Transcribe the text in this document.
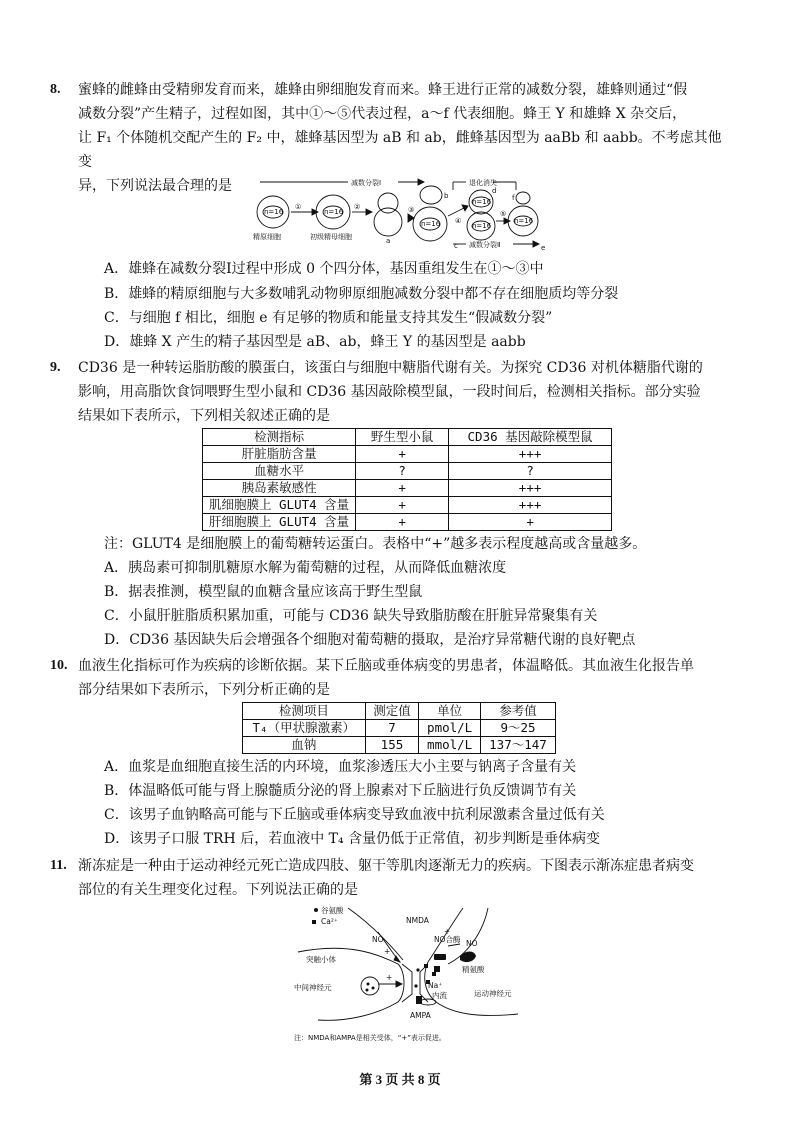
8. 蜜蜂的雌蜂由受精卵发育而来，雄蜂由卵细胞发育而来。蜂王进行正常的减数分裂，雄蜂则通过“假
减数分裂”产生精子，过程如图，其中①～⑤代表过程，a～f 代表细胞。蜂王 Y 和雄蜂 X 杂交后，
让 F₁ 个体随机交配产生的 F₂ 中，雄蜂基因型为 aB 和 ab，雌蜂基因型为 aaBb 和 aabb。不考虑其他变
异，下列说法最合理的是	减数分裂Ⅰ	退化消失
n=16	n=16
n=16
n=16
n=16
n=16
①	②	③
④
⑤
精原细胞	初级精母细胞	a
b
c
d
e
f
减数分裂Ⅱ
A．雄蜂在减数分裂Ⅰ过程中形成 0 个四分体，基因重组发生在①～③中
B．雄蜂的精原细胞与大多数哺乳动物卵原细胞减数分裂中都不存在细胞质均等分裂
C．与细胞 f 相比，细胞 e 有足够的物质和能量支持其发生“假减数分裂”
D．雄蜂 X 产生的精子基因型是 aB、ab，蜂王 Y 的基因型是 aabb
9. CD36 是一种转运脂肪酸的膜蛋白，该蛋白与细胞中糖脂代谢有关。为探究 CD36 对机体糖脂代谢的
影响，用高脂饮食饲喂野生型小鼠和 CD36 基因敲除模型鼠，一段时间后，检测相关指标。部分实验
结果如下表所示，下列相关叙述正确的是
检测指标	野生型小鼠	CD36 基因敲除模型鼠
肝脏脂肪含量	+	+++
血糖水平	?	?
胰岛素敏感性	+	+++
肌细胞膜上 GLUT4 含量	+	+++
肝细胞膜上 GLUT4 含量	+	+
注：GLUT4 是细胞膜上的葡萄糖转运蛋白。表格中“+”越多表示程度越高或含量越多。
A．胰岛素可抑制肌糖原水解为葡萄糖的过程，从而降低血糖浓度
B．据表推测，模型鼠的血糖含量应该高于野生型鼠
C．小鼠肝脏脂质积累加重，可能与 CD36 缺失导致脂肪酸在肝脏异常聚集有关
D．CD36 基因缺失后会增强各个细胞对葡萄糖的摄取，是治疗异常糖代谢的良好靶点
10. 血液生化指标可作为疾病的诊断依据。某下丘脑或垂体病变的男患者，体温略低。其血液生化报告单
部分结果如下表所示，下列分析正确的是
检测项目	测定值	单位	参考值
T₄（甲状腺激素）	7	pmol/L	9～25
血钠	155	mmol/L	137～147
A．血浆是血细胞直接生活的内环境，血浆渗透压大小主要与钠离子含量有关
B．体温略低可能与肾上腺髓质分泌的肾上腺素对下丘脑进行负反馈调节有关
C．该男子血钠略高可能与下丘脑或垂体病变导致血液中抗利尿激素含量过低有关
D．该男子口服 TRH 后，若血液中 T₄ 含量仍低于正常值，初步判断是垂体病变
11. 渐冻症是一种由于运动神经元死亡造成四肢、躯干等肌肉逐渐无力的疾病。下图表示渐冻症患者病变
部位的有关生理变化过程。下列说法正确的是
谷氨酸
Ca²⁺	NMDA
NO	NO合酶 NO
精氨酸
突触小体
中间神经元
运动神经元
Na⁺
内流
AMPA
+
+
+
注：NMDA和AMPA是相关受体，“+”表示促进。
第 3 页 共 8 页
